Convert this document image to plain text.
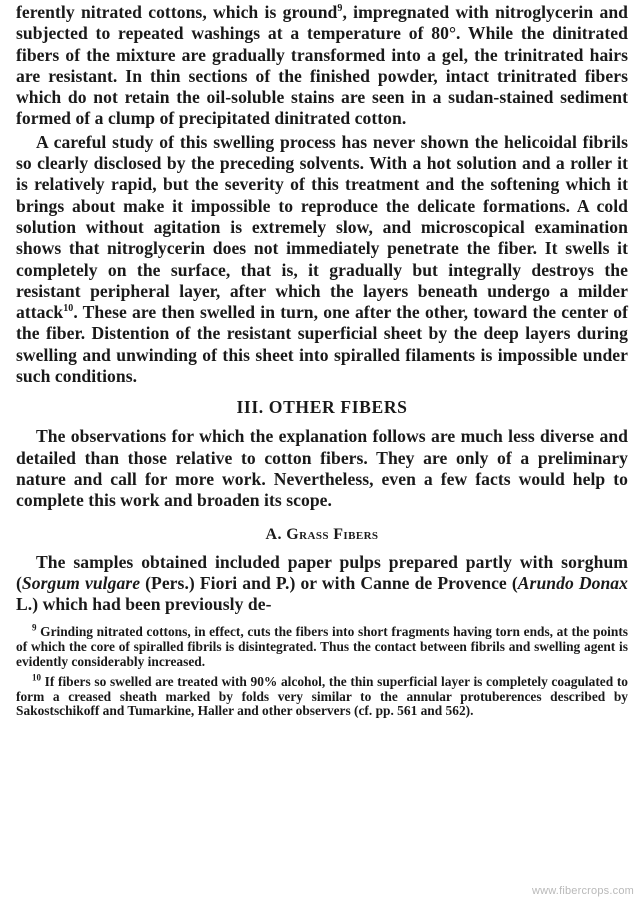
ferently nitrated cottons, which is ground$^9$, impregnated with nitroglycerin and subjected to repeated washings at a temperature of 80°. While the dinitrated fibers of the mixture are gradually transformed into a gel, the trinitrated hairs are resistant. In thin sections of the finished powder, intact trinitrated fibers which do not retain the oil-soluble stains are seen in a sudan-stained sediment formed of a clump of precipitated dinitrated cotton.

A careful study of this swelling process has never shown the helicoidal fibrils so clearly disclosed by the preceding solvents. With a hot solution and a roller it is relatively rapid, but the severity of this treatment and the softening which it brings about make it impossible to reproduce the delicate formations. A cold solution without agitation is extremely slow, and microscopical examination shows that nitroglycerin does not immediately penetrate the fiber. It swells it completely on the surface, that is, it gradually but integrally destroys the resistant peripheral layer, after which the layers beneath undergo a milder attack$^{10}$. These are then swelled in turn, one after the other, toward the center of the fiber. Distention of the resistant superficial sheet by the deep layers during swelling and unwinding of this sheet into spiralled filaments is impossible under such conditions.

III. OTHER FIBERS

The observations for which the explanation follows are much less diverse and detailed than those relative to cotton fibers. They are only of a preliminary nature and call for more work. Nevertheless, even a few facts would help to complete this work and broaden its scope.

A. Grass Fibers

The samples obtained included paper pulps prepared partly with sorghum (Sorgum vulgare (Pers.) Fiori and P.) or with Canne de Provence (Arundo Donax L.) which had been previously de-

$^9$ Grinding nitrated cottons, in effect, cuts the fibers into short fragments having torn ends, at the points of which the core of spiralled fibrils is disintegrated. Thus the contact between fibrils and swelling agent is evidently considerably increased.

$^{10}$ If fibers so swelled are treated with 90% alcohol, the thin superficial layer is completely coagulated to form a creased sheath marked by folds very similar to the annular protuberences described by Sakostschikoff and Tumarkine, Haller and other observers (cf. pp. 561 and 562).

www.fibercrops.com
